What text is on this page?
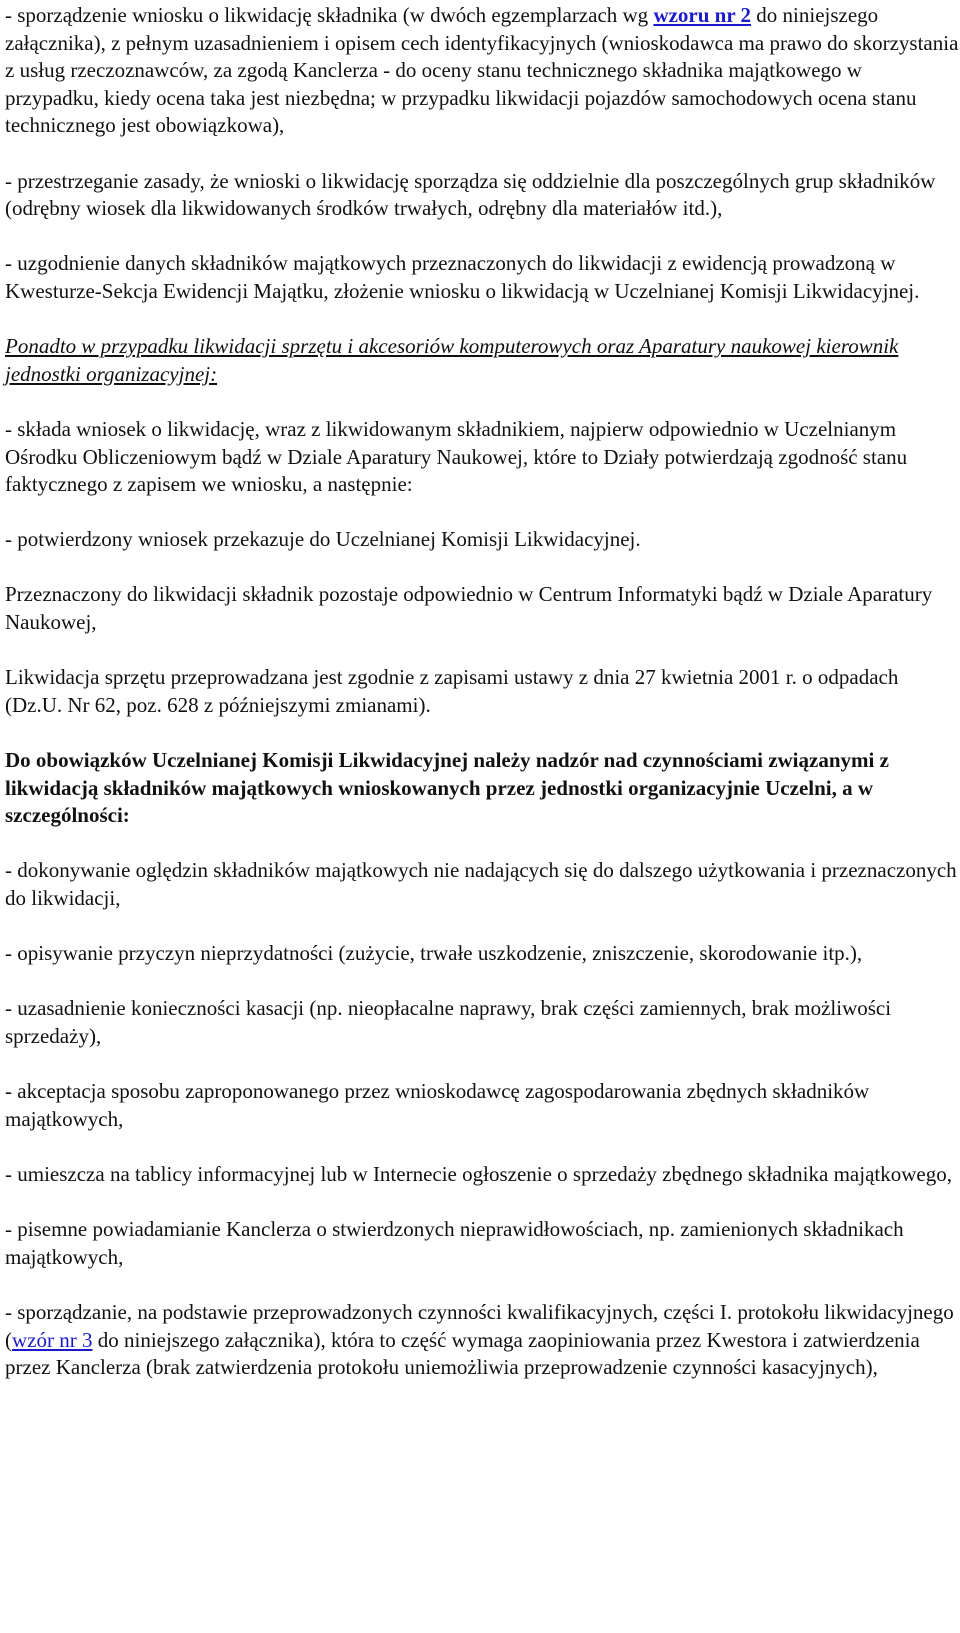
- sporządzenie wniosku o likwidację składnika (w dwóch egzemplarzach wg wzoru nr 2 do niniejszego załącznika), z pełnym uzasadnieniem i opisem cech identyfikacyjnych (wnioskodawca ma prawo do skorzystania z usług rzeczoznawców, za zgodą Kanclerza - do oceny stanu technicznego składnika majątkowego w przypadku, kiedy ocena taka jest niezbędna; w przypadku likwidacji pojazdów samochodowych ocena stanu technicznego jest obowiązkowa),

- przestrzeganie zasady, że wnioski o likwidację sporządza się oddzielnie dla poszczególnych grup składników (odrębny wiosek dla likwidowanych środków trwałych, odrębny dla materiałów itd.),

- uzgodnienie danych składników majątkowych przeznaczonych do likwidacji z ewidencją prowadzoną w Kwesturze-Sekcja Ewidencji Majątku, złożenie wniosku o likwidacją w Uczelnianej Komisji Likwidacyjnej.

Ponadto w przypadku likwidacji sprzętu i akcesoriów komputerowych oraz Aparatury naukowej kierownik jednostki organizacyjnej:

- składa wniosek o likwidację, wraz z likwidowanym składnikiem, najpierw odpowiednio w Uczelnianym Ośrodku Obliczeniowym bądź w Dziale Aparatury Naukowej, które to Działy potwierdzają zgodność stanu faktycznego z zapisem we wniosku, a następnie:

- potwierdzony wniosek przekazuje do Uczelnianej Komisji Likwidacyjnej.

Przeznaczony do likwidacji składnik pozostaje odpowiednio w Centrum Informatyki bądź w Dziale Aparatury Naukowej,

Likwidacja sprzętu przeprowadzana jest zgodnie z zapisami ustawy z dnia 27 kwietnia 2001 r. o odpadach (Dz.U. Nr 62, poz. 628 z późniejszymi zmianami).

Do obowiązków Uczelnianej Komisji Likwidacyjnej należy nadzór nad czynnościami związanymi z likwidacją składników majątkowych wnioskowanych przez jednostki organizacyjnie Uczelni, a w szczególności:

- dokonywanie oględzin składników majątkowych nie nadających się do dalszego użytkowania i przeznaczonych do likwidacji,

- opisywanie przyczyn nieprzydatności (zużycie, trwałe uszkodzenie, zniszczenie, skorodowanie itp.),

- uzasadnienie konieczności kasacji (np. nieopłacalne naprawy, brak części zamiennych, brak możliwości sprzedaży),

- akceptacja sposobu zaproponowanego przez wnioskodawcę zagospodarowania zbędnych składników majątkowych,

- umieszcza na tablicy informacyjnej lub w Internecie ogłoszenie o sprzedaży zbędnego składnika majątkowego,

- pisemne powiadamianie Kanclerza o stwierdzonych nieprawidłowościach, np. zamienionych składnikach majątkowych,

- sporządzanie, na podstawie przeprowadzonych czynności kwalifikacyjnych, części I. protokołu likwidacyjnego (wzór nr 3 do niniejszego załącznika), która to część wymaga zaopiniowania przez Kwestora i zatwierdzenia przez Kanclerza (brak zatwierdzenia protokołu uniemożliwia przeprowadzenie czynności kasacyjnych),
